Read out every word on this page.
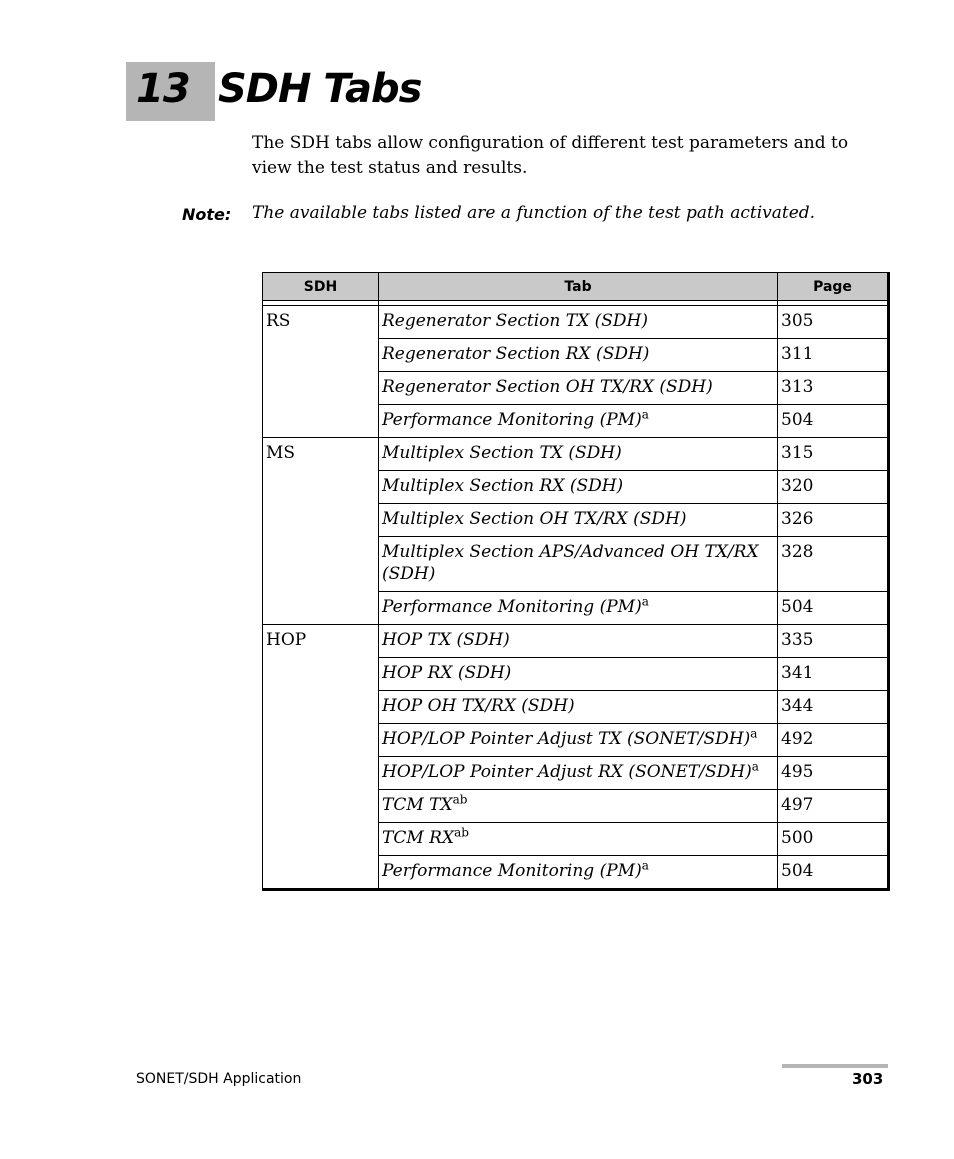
13 SDH Tabs

The SDH tabs allow configuration of different test parameters and to view the test status and results.

Note: The available tabs listed are a function of the test path activated.
SDH	Tab	Page

RS	Regenerator Section TX (SDH)	305
	Regenerator Section RX (SDH)	311
	Regenerator Section OH TX/RX (SDH)	313
	Performance Monitoring (PM)$^a$	504
MS	Multiplex Section TX (SDH)	315
	Multiplex Section RX (SDH)	320
	Multiplex Section OH TX/RX (SDH)	326
	Multiplex Section APS/Advanced OH TX/RX (SDH)	328
	Performance Monitoring (PM)$^a$	504
HOP	HOP TX (SDH)	335
	HOP RX (SDH)	341
	HOP OH TX/RX (SDH)	344
	HOP/LOP Pointer Adjust TX (SONET/SDH)$^a$	492
	HOP/LOP Pointer Adjust RX (SONET/SDH)$^a$	495
	TCM $TX^{ab}$	497
	TCM $RX^{ab}$	500
	Performance Monitoring (PM)$^a$	504
SONET/SDH Application	303
